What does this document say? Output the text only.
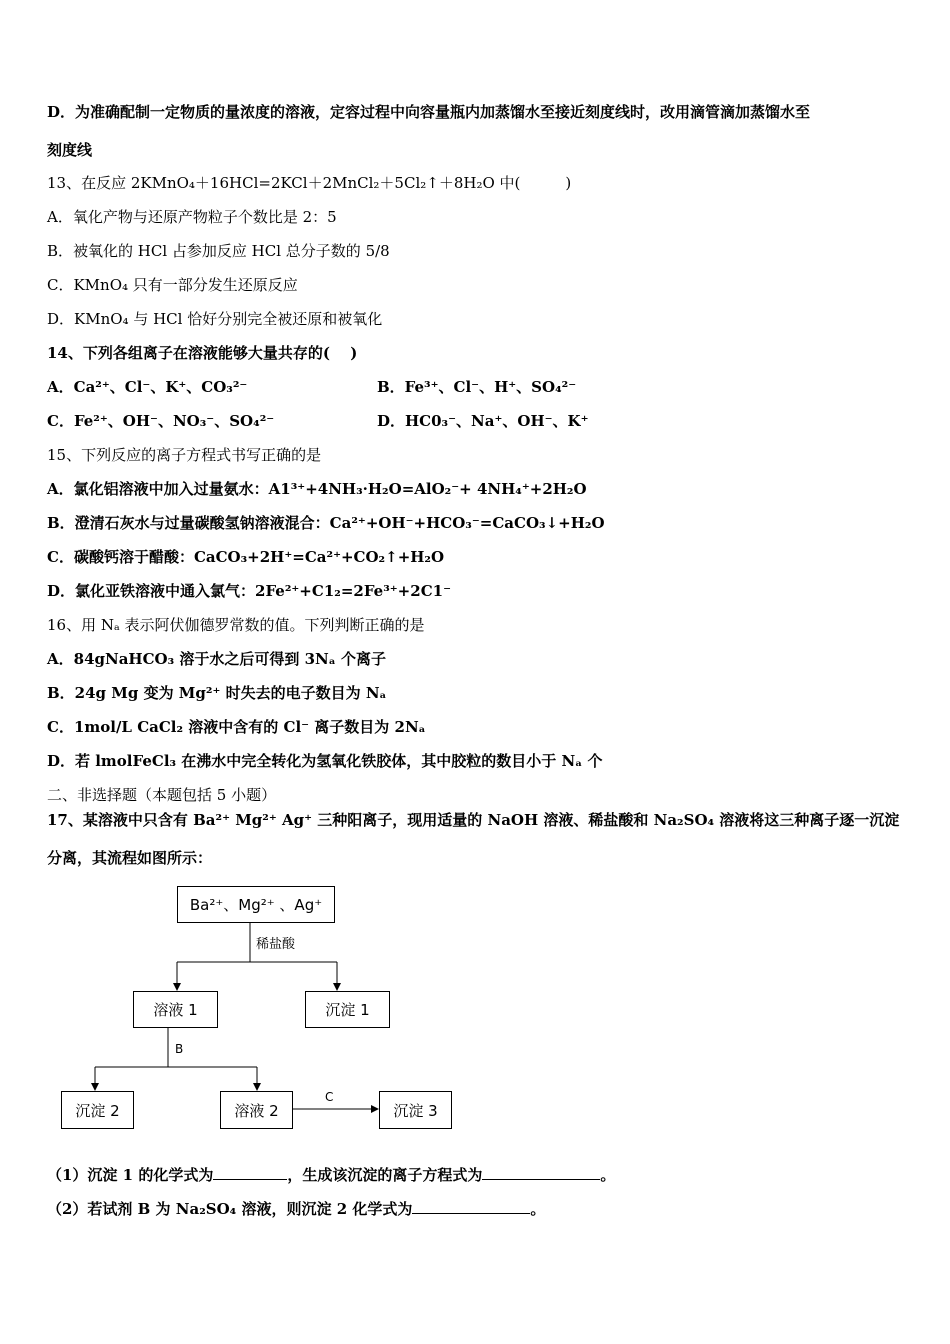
D．为准确配制一定物质的量浓度的溶液，定容过程中向容量瓶内加蒸馏水至接近刻度线时，改用滴管滴加蒸馏水至
刻度线
13、在反应 2KMnO₄＋16HCl=2KCl＋2MnCl₂＋5Cl₂↑＋8H₂O 中(　　　)
A．氧化产物与还原产物粒子个数比是 2：5
B．被氧化的 HCl 占参加反应 HCl 总分子数的 5/8
C．KMnO₄ 只有一部分发生还原反应
D．KMnO₄ 与 HCl 恰好分别完全被还原和被氧化
14、下列各组离子在溶液能够大量共存的(　 )
A．Ca²⁺、Cl⁻、K⁺、CO₃²⁻	B．Fe³⁺、Cl⁻、H⁺、SO₄²⁻
C．Fe²⁺、OH⁻、NO₃⁻、SO₄²⁻	D．HC0₃⁻、Na⁺、OH⁻、K⁺
15、下列反应的离子方程式书写正确的是
A．氯化铝溶液中加入过量氨水：A1³⁺+4NH₃·H₂O=AlO₂⁻+ 4NH₄⁺+2H₂O
B．澄清石灰水与过量碳酸氢钠溶液混合：Ca²⁺+OH⁻+HCO₃⁻=CaCO₃↓+H₂O
C．碳酸钙溶于醋酸：CaCO₃+2H⁺=Ca²⁺+CO₂↑+H₂O
D．氯化亚铁溶液中通入氯气：2Fe²⁺+C1₂=2Fe³⁺+2C1⁻
16、用 Nₐ 表示阿伏伽德罗常数的值。下列判断正确的是
A．84gNaHCO₃ 溶于水之后可得到 3Nₐ 个离子
B．24g Mg 变为 Mg²⁺ 时失去的电子数目为 Nₐ
C．1mol/L CaCl₂ 溶液中含有的 Cl⁻ 离子数目为 2Nₐ
D．若 lmolFeCl₃ 在沸水中完全转化为氢氧化铁胶体，其中胶粒的数目小于 Nₐ 个
二、非选择题（本题包括 5 小题）
17、某溶液中只含有 Ba²⁺ Mg²⁺ Ag⁺ 三种阳离子，现用适量的 NaOH 溶液、稀盐酸和 Na₂SO₄ 溶液将这三种离子逐一沉淀
分离，其流程如图所示：
Ba²⁺、Mg²⁺ 、Ag⁺
稀盐酸
溶液 1	沉淀 1
B
沉淀 2	溶液 2
C
沉淀 3
（1）沉淀 1 的化学式为	，生成该沉淀的离子方程式为	。
（2）若试剂 B 为 Na₂SO₄ 溶液，则沉淀 2 化学式为	。
